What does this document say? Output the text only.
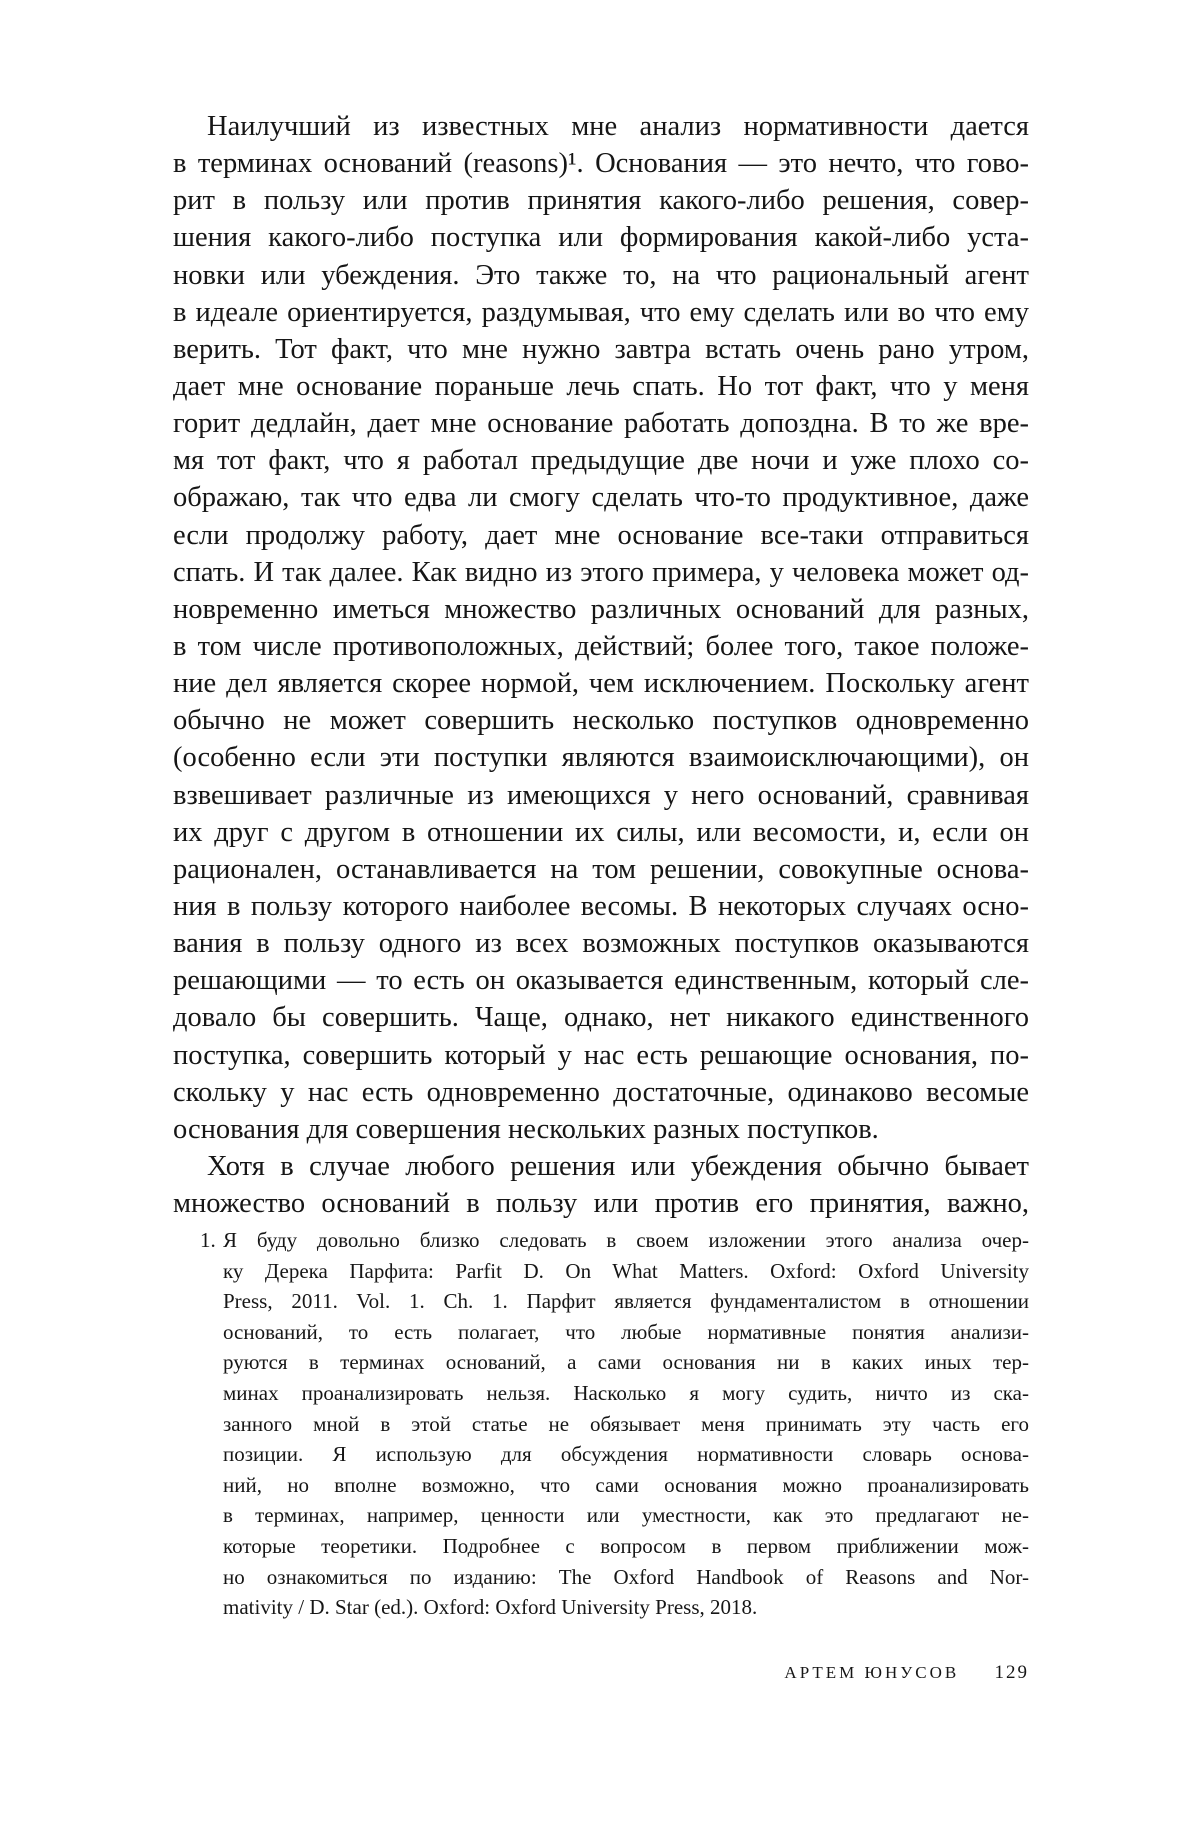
Наилучший из известных мне анализ нормативности дается
в терминах оснований (reasons)¹. Основания — это нечто, что гово-
рит в пользу или против принятия какого-либо решения, совер-
шения какого-либо поступка или формирования какой-либо уста-
новки или убеждения. Это также то, на что рациональный агент
в идеале ориентируется, раздумывая, что ему сделать или во что ему
верить. Тот факт, что мне нужно завтра встать очень рано утром,
дает мне основание пораньше лечь спать. Но тот факт, что у меня
горит дедлайн, дает мне основание работать допоздна. В то же вре-
мя тот факт, что я работал предыдущие две ночи и уже плохо со-
ображаю, так что едва ли смогу сделать что-то продуктивное, даже
если продолжу работу, дает мне основание все-таки отправиться
спать. И так далее. Как видно из этого примера, у человека может од-
новременно иметься множество различных оснований для разных,
в том числе противоположных, действий; более того, такое положе-
ние дел является скорее нормой, чем исключением. Поскольку агент
обычно не может совершить несколько поступков одновременно
(особенно если эти поступки являются взаимоисключающими), он
взвешивает различные из имеющихся у него оснований, сравнивая
их друг с другом в отношении их силы, или весомости, и, если он
рационален, останавливается на том решении, совокупные основа-
ния в пользу которого наиболее весомы. В некоторых случаях осно-
вания в пользу одного из всех возможных поступков оказываются
решающими — то есть он оказывается единственным, который сле-
довало бы совершить. Чаще, однако, нет никакого единственного
поступка, совершить который у нас есть решающие основания, по-
скольку у нас есть одновременно достаточные, одинаково весомые
основания для совершения нескольких разных поступков.
Хотя в случае любого решения или убеждения обычно бывает
множество оснований в пользу или против его принятия, важно,
1. Я буду довольно близко следовать в своем изложении этого анализа очер-
ку Дерека Парфита: Parfit D. On What Matters. Oxford: Oxford University
Press, 2011. Vol. 1. Ch. 1. Парфит является фундаменталистом в отношении
оснований, то есть полагает, что любые нормативные понятия анализи-
руются в терминах оснований, а сами основания ни в каких иных тер-
минах проанализировать нельзя. Насколько я могу судить, ничто из ска-
занного мной в этой статье не обязывает меня принимать эту часть его
позиции. Я использую для обсуждения нормативности словарь основа-
ний, но вполне возможно, что сами основания можно проанализировать
в терминах, например, ценности или уместности, как это предлагают не-
которые теоретики. Подробнее с вопросом в первом приближении мож-
но ознакомиться по изданию: The Oxford Handbook of Reasons and Nor-
mativity / D. Star (ed.). Oxford: Oxford University Press, 2018.
АРТЕМ ЮНУСОВ 129
